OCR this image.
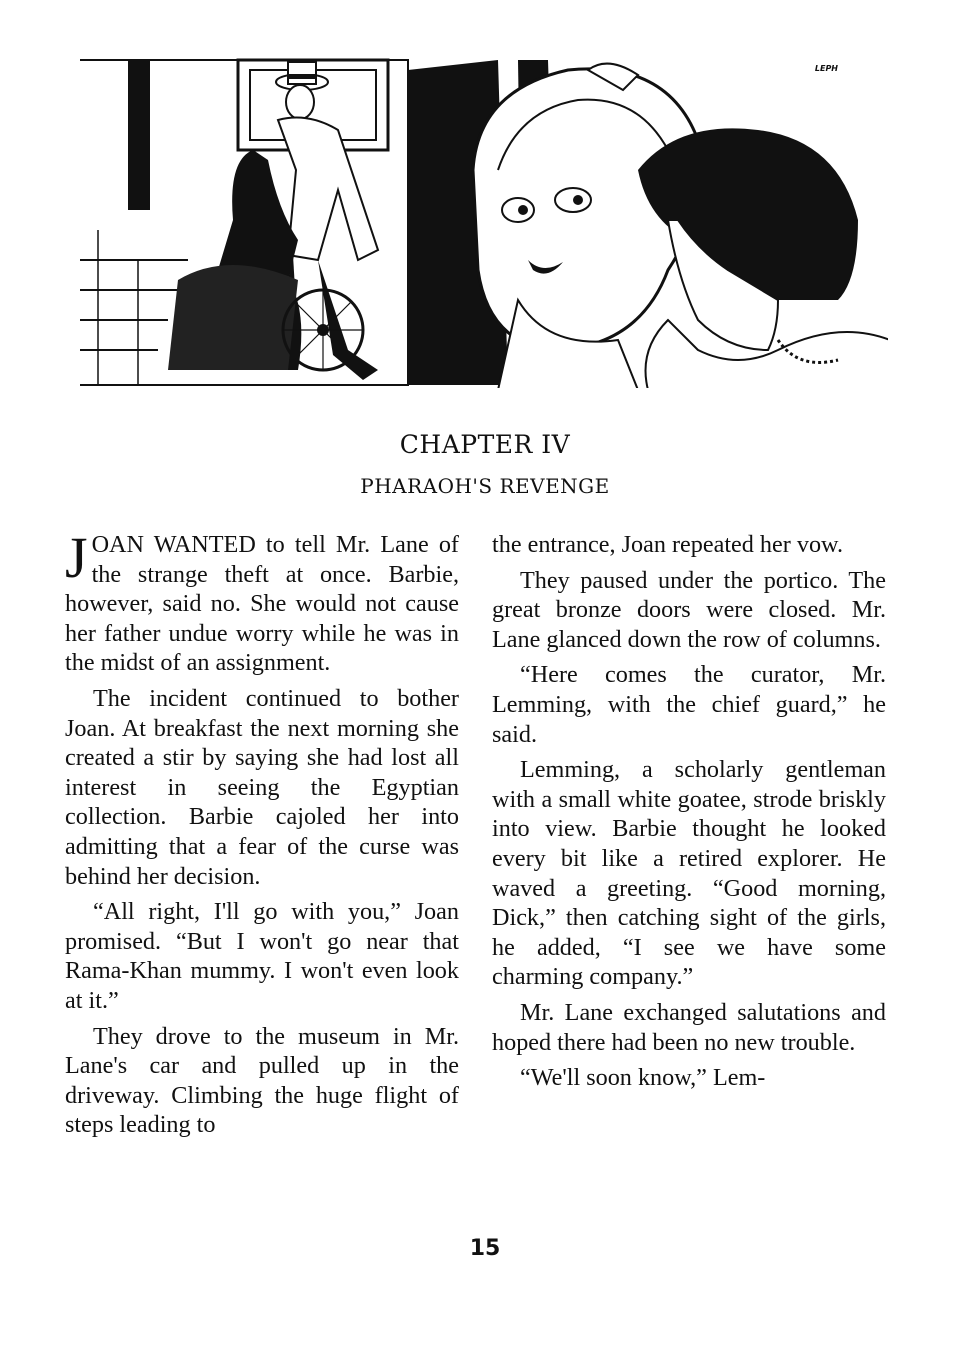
LEPH
CHAPTER IV
PHARAOH'S REVENGE

JOAN WANTED to tell Mr. Lane of the strange theft at once. Barbie, however, said no. She would not cause her father undue worry while he was in the midst of an assignment.

The incident continued to bother Joan. At breakfast the next morning she created a stir by saying she had lost all interest in seeing the Egyptian collection. Barbie cajoled her into admitting that a fear of the curse was behind her decision.

“All right, I'll go with you,” Joan promised. “But I won't go near that Rama-Khan mummy. I won't even look at it.”

They drove to the museum in Mr. Lane's car and pulled up in the driveway. Climbing the huge flight of steps leading to

the entrance, Joan repeated her vow.

They paused under the portico. The great bronze doors were closed. Mr. Lane glanced down the row of columns.

“Here comes the curator, Mr. Lemming, with the chief guard,” he said.

Lemming, a scholarly gentleman with a small white goatee, strode briskly into view. Barbie thought he looked every bit like a retired explorer. He waved a greeting. “Good morning, Dick,” then catching sight of the girls, he added, “I see we have some charming company.”

Mr. Lane exchanged salutations and hoped there had been no new trouble.

“We'll soon know,” Lem-

15
